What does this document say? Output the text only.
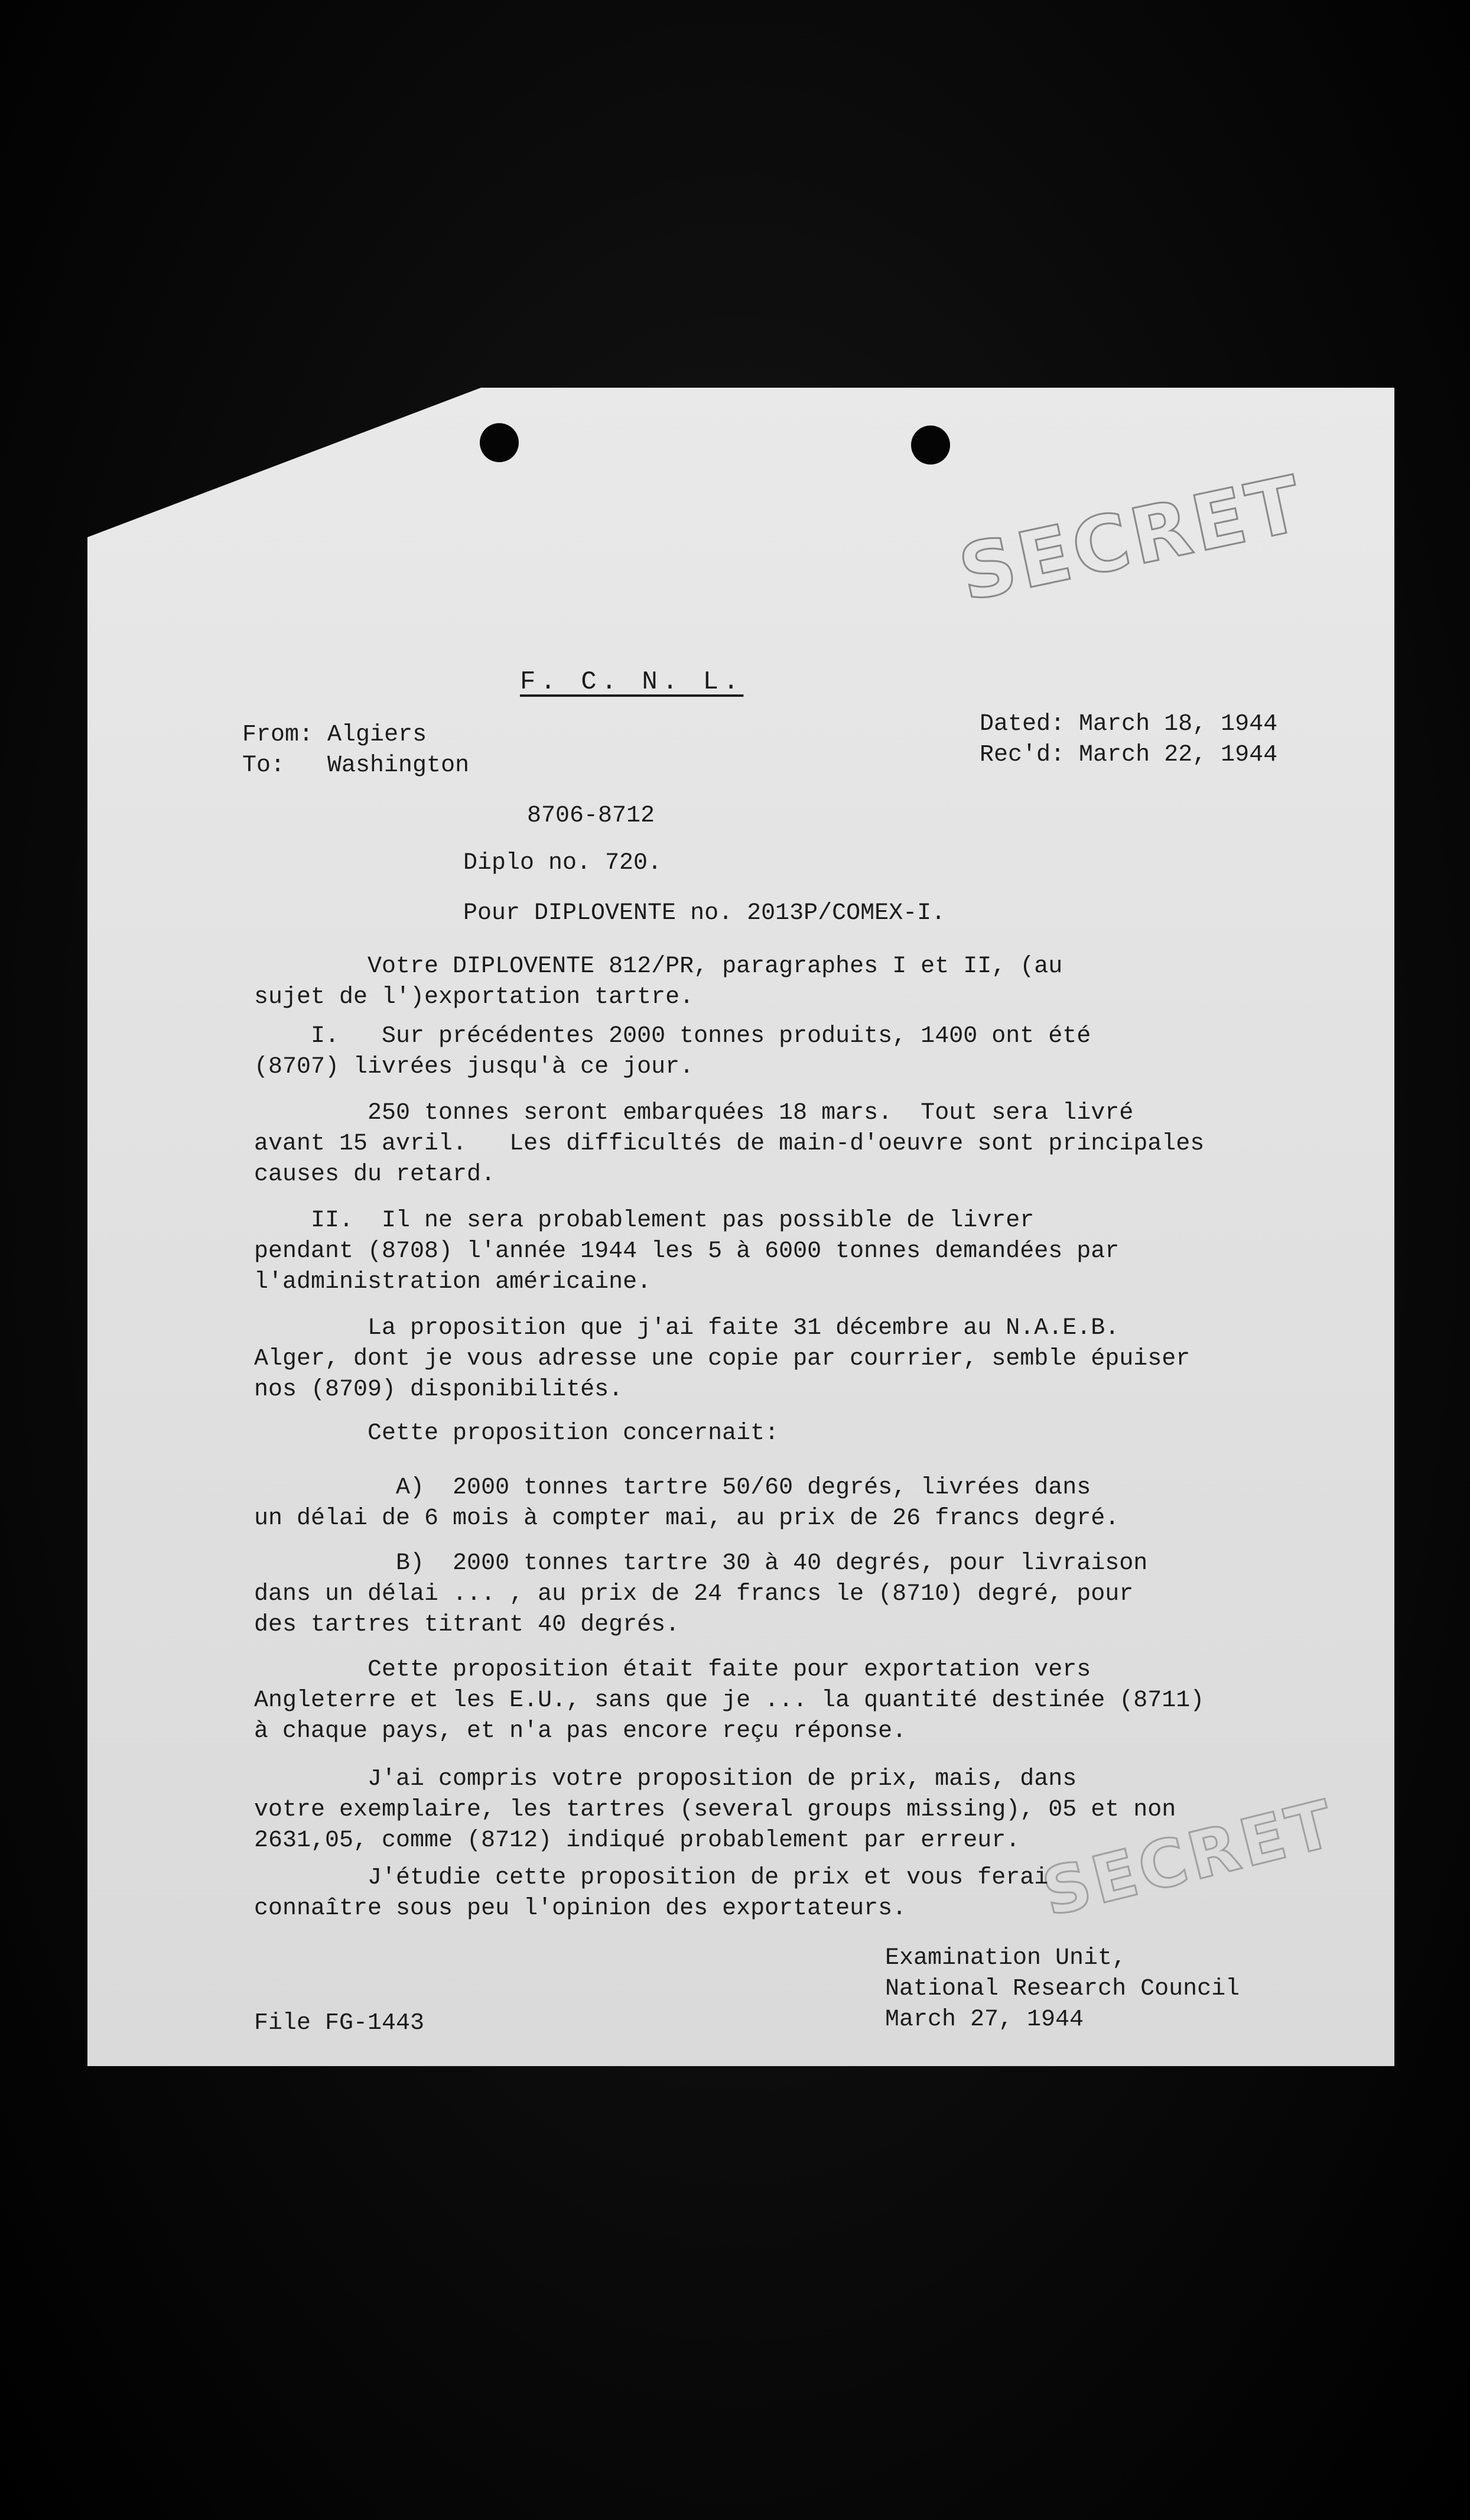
SECRET
SECRET
F. C. N. L.
From: Algiers
To: Washington
Dated: March 18, 1944
Rec'd: March 22, 1944
8706-8712
Diplo no. 720.
Pour DIPLOVENTE no. 2013P/COMEX-I.
Votre DIPLOVENTE 812/PR, paragraphes I et II, (au
sujet de l')exportation tartre.
I.   Sur précédentes 2000 tonnes produits, 1400 ont été
(8707) livrées jusqu'à ce jour.
250 tonnes seront embarquées 18 mars.  Tout sera livré
avant 15 avril.   Les difficultés de main-d'oeuvre sont principales
causes du retard.
II.  Il ne sera probablement pas possible de livrer
pendant (8708) l'année 1944 les 5 à 6000 tonnes demandées par
l'administration américaine.
La proposition que j'ai faite 31 décembre au N.A.E.B.
Alger, dont je vous adresse une copie par courrier, semble épuiser
nos (8709) disponibilités.
Cette proposition concernait:
A)  2000 tonnes tartre 50/60 degrés, livrées dans
un délai de 6 mois à compter mai, au prix de 26 francs degré.
B)  2000 tonnes tartre 30 à 40 degrés, pour livraison
dans un délai ... , au prix de 24 francs le (8710) degré, pour
des tartres titrant 40 degrés.
Cette proposition était faite pour exportation vers
Angleterre et les E.U., sans que je ... la quantité destinée (8711)
à chaque pays, et n'a pas encore reçu réponse.
J'ai compris votre proposition de prix, mais, dans
votre exemplaire, les tartres (several groups missing), 05 et non
2631,05, comme (8712) indiqué probablement par erreur.
J'étudie cette proposition de prix et vous ferai
connaître sous peu l'opinion des exportateurs.
Examination Unit,
National Research Council
March 27, 1944
File FG-1443
